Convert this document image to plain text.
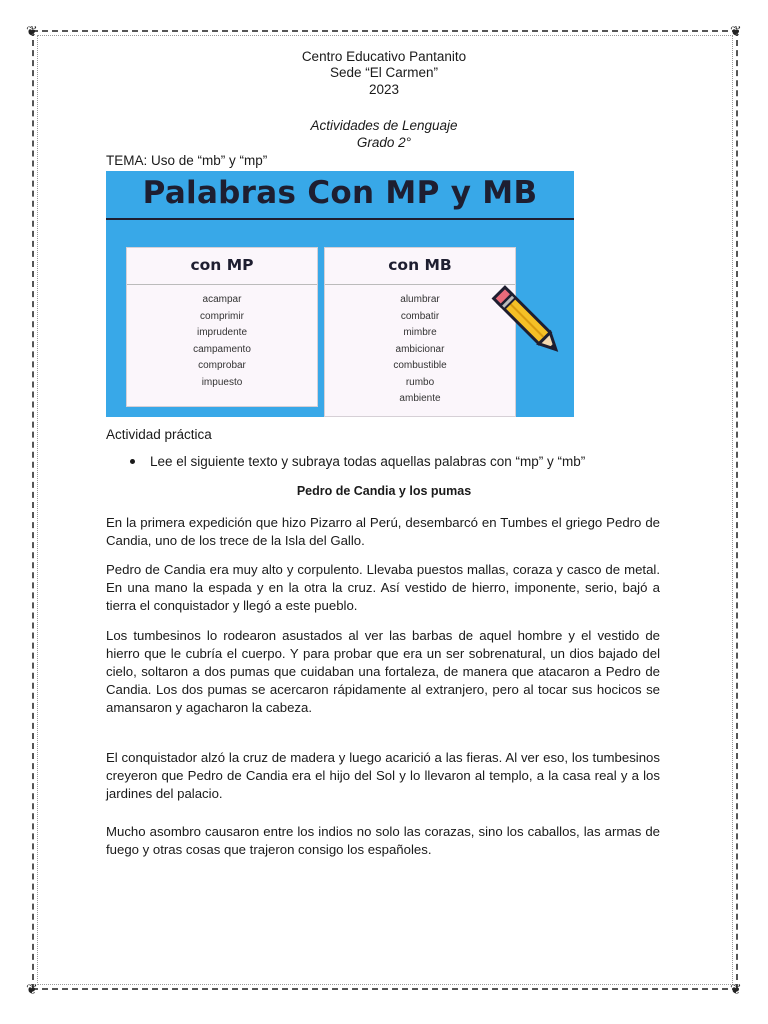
❦	❦
❦	❦
Centro Educativo Pantanito
Sede “El Carmen”
2023
Actividades de Lenguaje
Grado 2°
TEMA: Uso de “mb” y “mp”
Palabras Con MP y MB
con MP
acampar
comprimir
imprudente
campamento
comprobar
impuesto
con MB
alumbrar
combatir
mimbre
ambicionar
combustible
rumbo
ambiente
Actividad práctica
Lee el siguiente texto y subraya todas aquellas palabras con “mp” y “mb”
Pedro de Candia y los pumas
En la primera expedición que hizo Pizarro al Perú, desembarcó en Tumbes el griego Pedro de Candia, uno de los trece de la Isla del Gallo.
Pedro de Candia era muy alto y corpulento. Llevaba puestos mallas, coraza y casco de metal. En una mano la espada y en la otra la cruz. Así vestido de hierro, imponente, serio, bajó a tierra el conquistador y llegó a este pueblo.
Los tumbesinos lo rodearon asustados al ver las barbas de aquel hombre y el vestido de hierro que le cubría el cuerpo. Y para probar que era un ser sobrenatural, un dios bajado del cielo, soltaron a dos pumas que cuidaban una fortaleza, de manera que atacaron a Pedro de Candia. Los dos pumas se acercaron rápidamente al extranjero, pero al tocar sus hocicos se amansaron y agacharon la cabeza.
El conquistador alzó la cruz de madera y luego acarició a las fieras. Al ver eso, los tumbesinos creyeron que Pedro de Candia era el hijo del Sol y lo llevaron al templo, a la casa real y a los jardines del palacio.
Mucho asombro causaron entre los indios no solo las corazas, sino los caballos, las armas de fuego y otras cosas que trajeron consigo los españoles.
